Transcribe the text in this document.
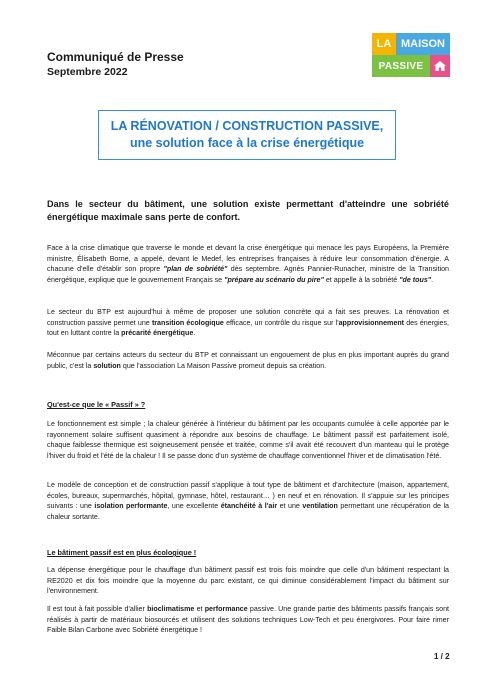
Communiqué de Presse
Septembre 2022
LA MAISON
PASSIVE
LA RÉNOVATION / CONSTRUCTION PASSIVE,
une solution face à la crise énergétique
Dans le secteur du bâtiment, une solution existe permettant d'atteindre une sobriété énergétique maximale sans perte de confort.
Face à la crise climatique que traverse le monde et devant la crise énergétique qui menace les pays Européens, la Première ministre, Élisabeth Borne, a appelé, devant le Medef, les entreprises françaises à réduire leur consommation d'énergie. A chacune d'elle d'établir son propre "plan de sobriété" dès septembre. Agnès Pannier-Runacher, ministre de la Transition énergétique, explique que le gouvernement Français se "prépare au scénario du pire" et appelle à la sobriété "de tous".
Le secteur du BTP est aujourd'hui à même de proposer une solution concrète qui a fait ses preuves. La rénovation et construction passive permet une transition écologique efficace, un contrôle du risque sur l'approvisionnement des énergies, tout en luttant contre la précarité énergétique.
Méconnue par certains acteurs du secteur du BTP et connaissant un engouement de plus en plus important auprès du grand public, c'est la solution que l'association La Maison Passive promeut depuis sa création.
Qu'est-ce que le « Passif » ?
Le fonctionnement est simple ; la chaleur générée à l'intérieur du bâtiment par les occupants cumulée à celle apportée par le rayonnement solaire suffisent quasiment à répondre aux besoins de chauffage. Le bâtiment passif est parfaitement isolé, chaque faiblesse thermique est soigneusement pensée et traitée, comme s'il avait été recouvert d'un manteau qui le protège l'hiver du froid et l'été de la chaleur ! Il se passe donc d'un système de chauffage conventionnel l'hiver et de climatisation l'été.
Le modèle de conception et de construction passif s'applique à tout type de bâtiment et d'architecture (maison, appartement, écoles, bureaux, supermarchés, hôpital, gymnase, hôtel, restaurant… ) en neuf et en rénovation. Il s'appuie sur les principes suivants : une isolation performante, une excellente étanchéité à l'air et une ventilation permettant une récupération de la chaleur sortante.
Le bâtiment passif est en plus écologique !
La dépense énergétique pour le chauffage d'un bâtiment passif est trois fois moindre que celle d'un bâtiment respectant la RE2020 et dix fois moindre que la moyenne du parc existant, ce qui diminue considérablement l'impact du bâtiment sur l'environnement.
Il est tout à fait possible d'allier bioclimatisme et performance passive. Une grande partie des bâtiments passifs français sont réalisés à partir de matériaux biosourcés et utilisent des solutions techniques Low-Tech et peu énergivores. Pour faire rimer Faible Bilan Carbone avec Sobriété énergétique !
1 / 2
